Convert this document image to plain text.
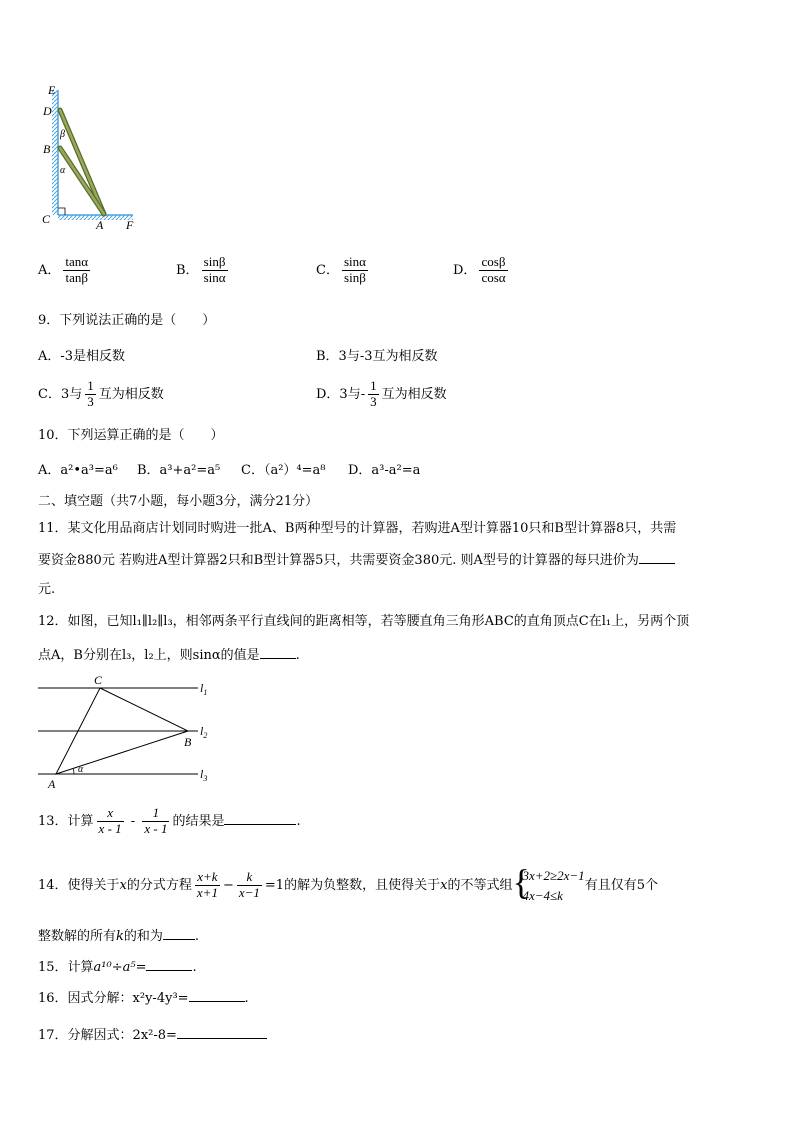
E
D
β
B
α
C	A F
A． $\frac{\tan\alpha}{\tan\beta}$	B． $\frac{\sin\beta}{\sin\alpha}$	C． $\frac{\sin\alpha}{\sin\beta}$	D． $\frac{\cos\beta}{\cos\alpha}$
9．下列说法正确的是（　　）
A．-3是相反数	B．3与-3互为相反数
C．3与 $\frac{1}{3}$ 互为相反数	D．3与- $\frac{1}{3}$ 互为相反数
10．下列运算正确的是（　　）
A．a²•a³=a⁶ B．a³+a²=a⁵ C．（a²）⁴=a⁸ D．a³-a²=a
二、填空题（共7小题，每小题3分，满分21分）
11．某文化用品商店计划同时购进一批A、B两种型号的计算器，若购进A型计算器10只和B型计算器8只，共需
要资金880元 若购进A型计算器2只和B型计算器5只，共需要资金380元. 则A型号的计算器的每只进价为
元.
12．如图，已知l₁∥l₂∥l₃，相邻两条平行直线间的距离相等，若等腰直角三角形ABC的直角顶点C在l₁上，另两个顶
点A，B分别在l₃，l₂上，则sinα的值是	.
C
B
A
α
$l_1$
$l_2$
$l_3$
13．计算 $\frac{x}{x - 1} - \frac{1}{x - 1}$ 的结果是	.
14．使得关于x的分式方程 $\frac{x+k}{x+1} - \frac{k}{x-1} =1$的解为负整数，且使得关于x的不等式组 {
3x+2≥2x−1
4x−4≤k
有且仅有5个
整数解的所有k的和为 .
15．计算a¹⁰÷a⁵=	.
16．因式分解：x²y-4y³=	.
17．分解因式：2x²-8=
